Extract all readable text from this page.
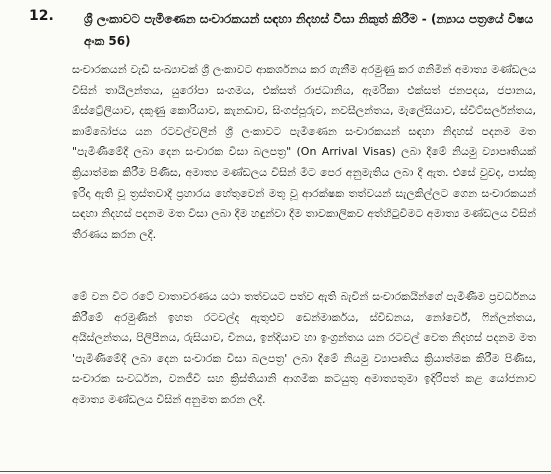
12.	ශ්‍රී ලංකාවට පැමිණෙන සංචාරකයන් සඳහා නිදහස් වීසා නිකුත් කිරීම - (න්‍යාය පත්‍රයේ විෂය අංක 56)

සංචාරකයන් වැඩි සංඛ්‍යාවක් ශ්‍රී ලංකාවට ආකර්ශනය කර ගැනීම අරමුණු කර ගනිමින් අමාත්‍ය මණ්ඩලය විසින් තායිලන්තය, යුරෝපා සංගමය, එක්සත් රාජධානිය, ඇමරිකා එක්සත් ජනපදය, ජපානය, ඕස්ට්‍රේලියාව, දකුණු කොරියාව, කැනඩාව, සිංගප්පූරුව, නවසීලන්තය, මැලේසියාව, ස්විට්සර්ලන්තය, කාම්බෝජය යන රටවල්වලින් ශ්‍රී ලංකාවට පැමිණෙන සංචාරකයන් සඳහා නිදහස් පදනම මත "පැමිණීමේදී ලබා දෙන සංචාරක වීසා බලපත්‍ර" (On Arrival Visas) ලබා දීමේ නියමු ව්‍යාපෘතියක් ක්‍රියාත්මක කිරීම පිණිස, අමාත්‍ය මණ්ඩලය විසින් මීට පෙර අනුමැතිය ලබා දී ඇත. එසේ වුවද, පාස්කු ඉරිදා ඇති වූ ත්‍රස්තවාදී ප්‍රහාරය හේතුවෙන් මතු වූ ආරක්ෂක තත්වයන් සැලකිල්ලට ගෙන සංචාරකයන් සඳහා නිදහස් පදනම මත වීසා ලබා දීම හඳුන්වා දීම තාවකාලිකව අත්හිටුවීමට අමාත්‍ය මණ්ඩලය විසින් තීරණය කරන ලදී.

මේ වන විට රටේ වාතාවරණය යථා තත්වයට පත්ව ඇති බැවින් සංචාරකයින්ගේ පැමිණීම ප්‍රවර්ධනය කිරීමේ අරමුණින් ඉහත රටවල්ද ඇතුළුව ඩෙන්මාර්කය, ස්වීඩනය, නෝර්වේ, ෆින්ලන්තය, අයිස්ලන්තය, පිලිපීනය, රුසියාව, චීනය, ඉන්දියාව හා ඉංග්‍රන්තය යන රටවල් වෙත නිදහස් පදනම මත 'පැමිණීමේදී ලබා දෙන සංචාරක වීසා බලපත්‍ර' ලබා දීමේ නියමු ව්‍යාපෘතිය ක්‍රියාත්මක කිරීම පිණිස, සංචාරක සංවර්ධන, වනජීවී සහ ක්‍රිස්තියානි ආගමික කටයුතු අමාත්‍යතුමා ඉදිරිපත් කළ යෝජනාව අමාත්‍ය මණ්ඩලය විසින් අනුමත කරන ලදී.
